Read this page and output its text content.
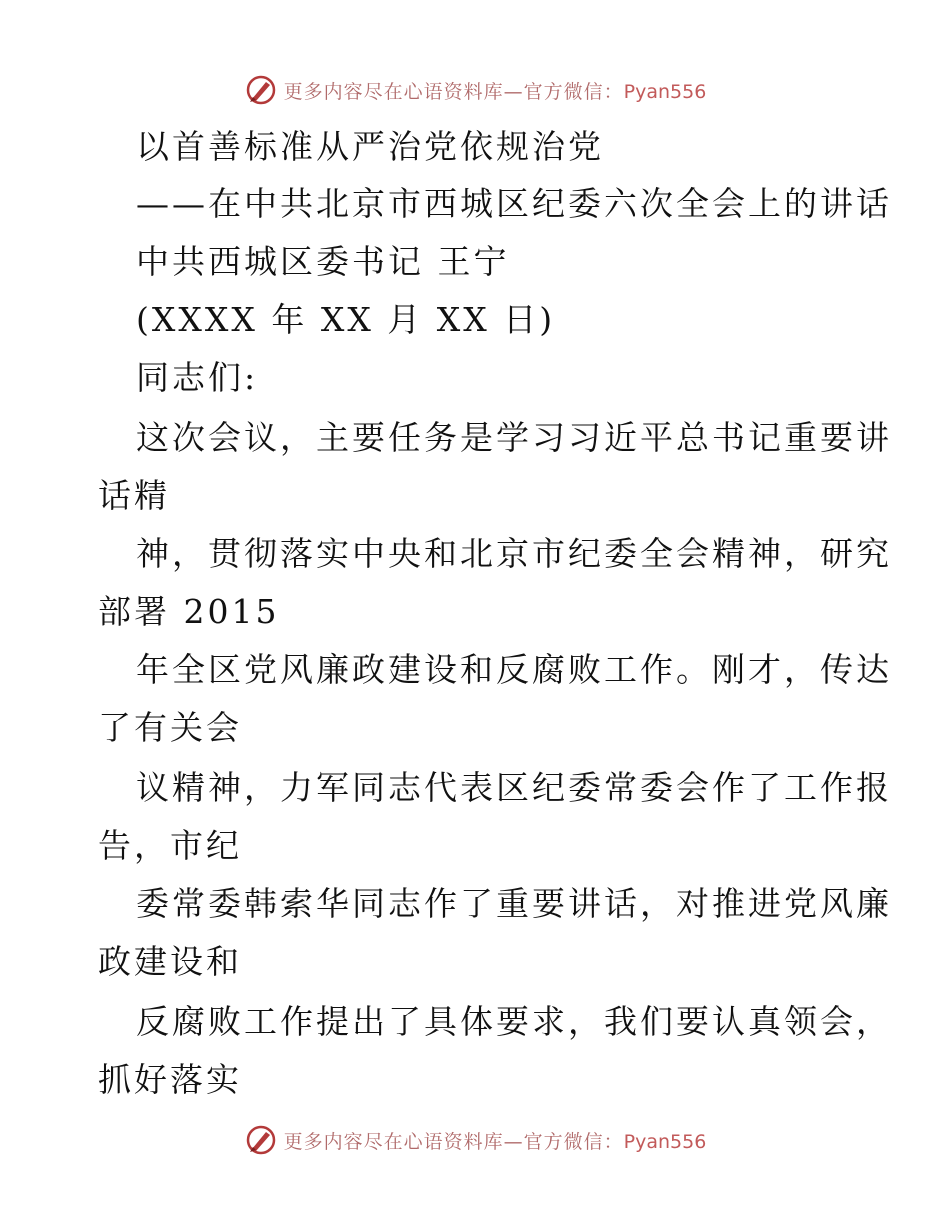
更多内容尽在心语资料库—官方微信：Pyan556
以首善标准从严治党依规治党
——在中共北京市西城区纪委六次全会上的讲话
中共西城区委书记 王宁
(XXXX 年 XX 月 XX 日)
同志们:
这次会议，主要任务是学习习近平总书记重要讲
话精
神，贯彻落实中央和北京市纪委全会精神，研究
部署 2015
年全区党风廉政建设和反腐败工作。刚才，传达
了有关会
议精神，力军同志代表区纪委常委会作了工作报
告，市纪
委常委韩索华同志作了重要讲话，对推进党风廉
政建设和
反腐败工作提出了具体要求，我们要认真领会，
抓好落实
更多内容尽在心语资料库—官方微信：Pyan556
